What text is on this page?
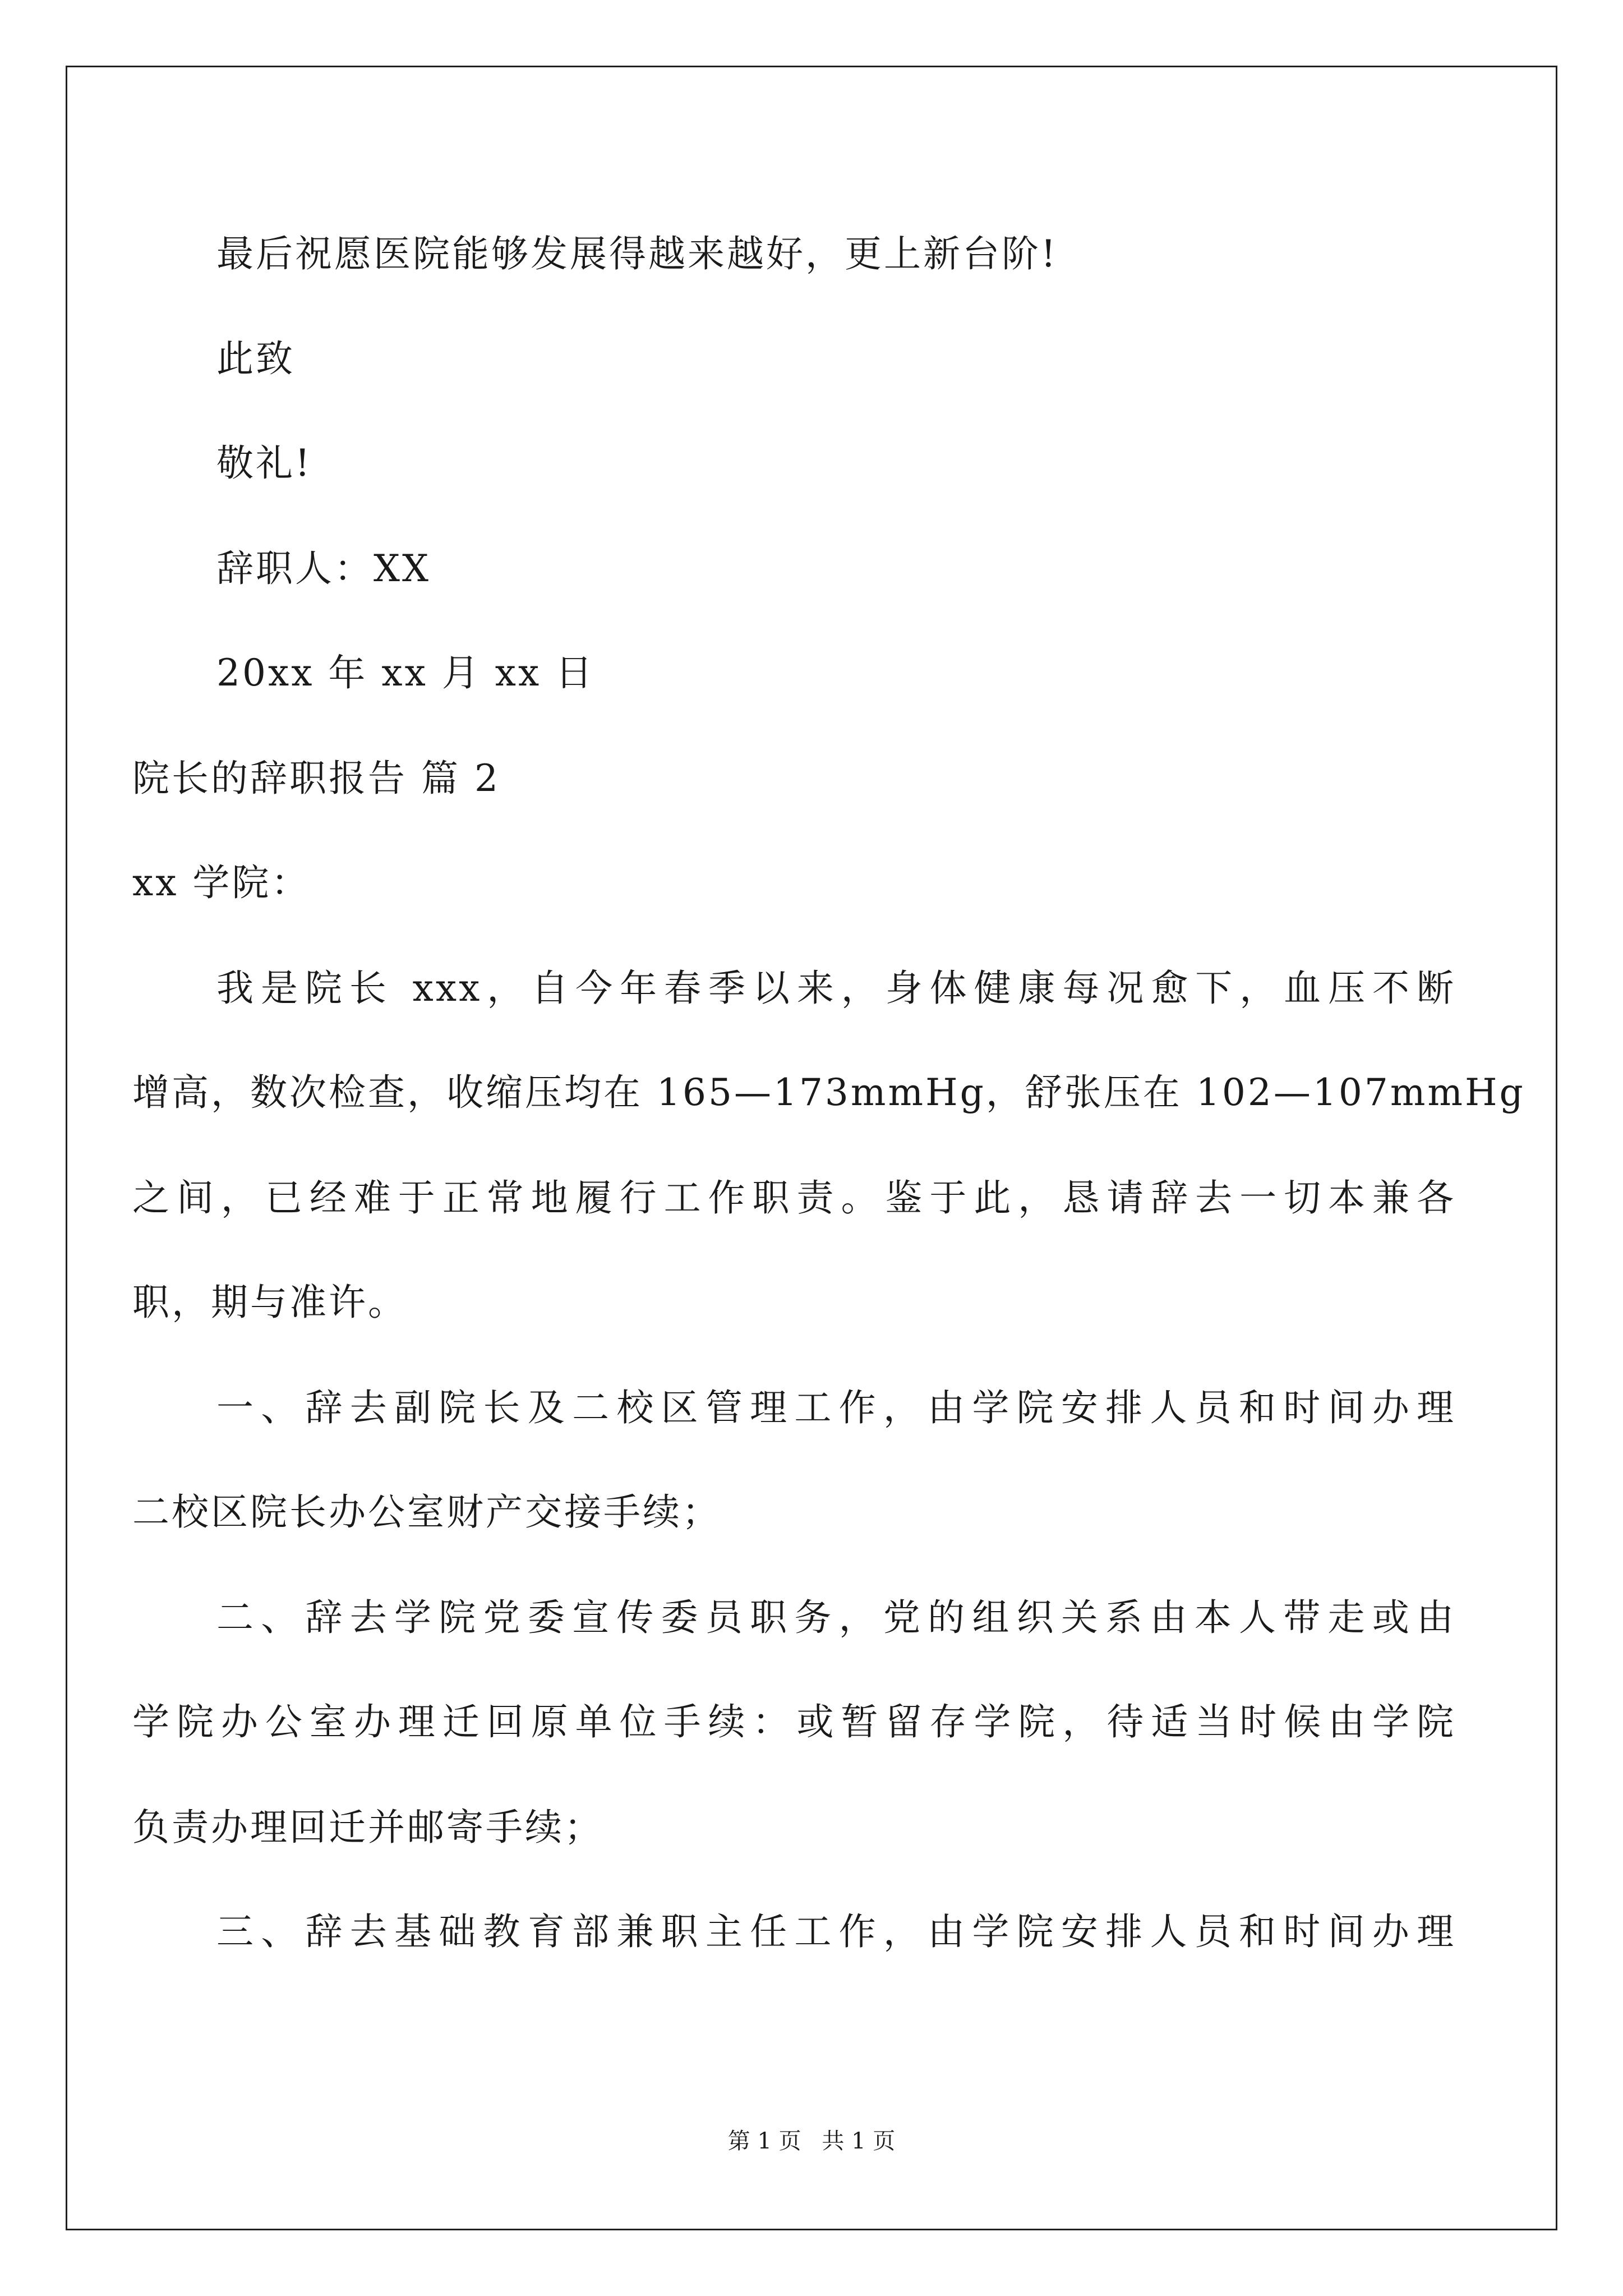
最后祝愿医院能够发展得越来越好，更上新台阶!
此致
敬礼!
辞职人：XX
20xx 年 xx 月 xx 日
院长的辞职报告 篇 2
xx 学院：
我是院长 xxx，自今年春季以来，身体健康每况愈下，血压不断
增高，数次检查，收缩压均在 165—173mmHg，舒张压在 102—107mmHg
之间，已经难于正常地履行工作职责。鉴于此，恳请辞去一切本兼各
职，期与准许。
一、辞去副院长及二校区管理工作，由学院安排人员和时间办理
二校区院长办公室财产交接手续；
二、辞去学院党委宣传委员职务，党的组织关系由本人带走或由
学院办公室办理迁回原单位手续：或暂留存学院，待适当时候由学院
负责办理回迁并邮寄手续；
三、辞去基础教育部兼职主任工作，由学院安排人员和时间办理
第 1 页 共 1 页
